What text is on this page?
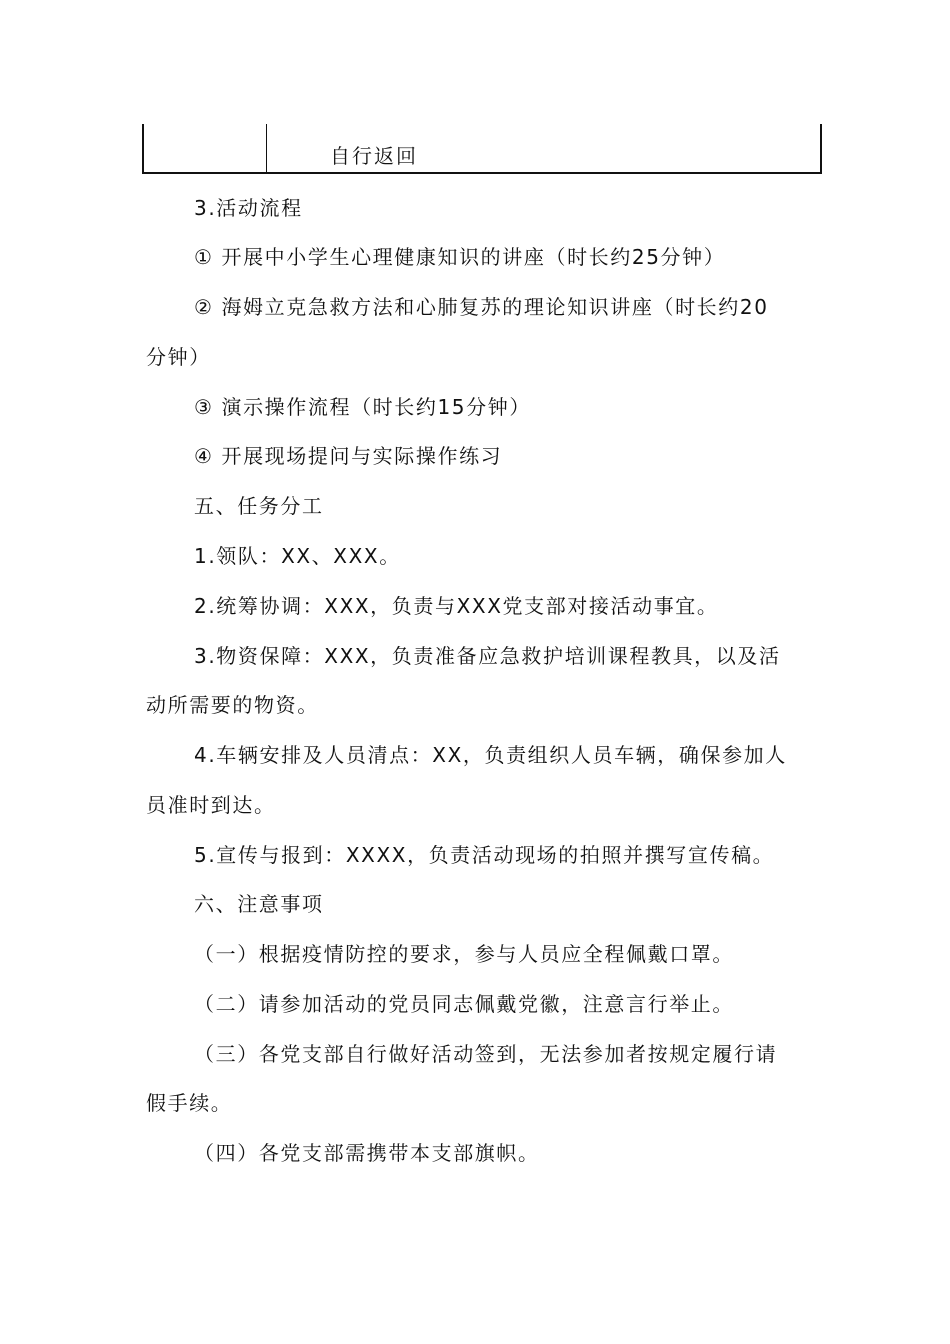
自行返回
3.活动流程
① 开展中小学生心理健康知识的讲座（时长约25分钟）
② 海姆立克急救方法和心肺复苏的理论知识讲座（时长约20
分钟）
③ 演示操作流程（时长约15分钟）
④ 开展现场提问与实际操作练习
五、任务分工
1.领队：XX、XXX。
2.统筹协调：XXX，负责与XXX党支部对接活动事宜。
3.物资保障：XXX，负责准备应急救护培训课程教具，以及活
动所需要的物资。
4.车辆安排及人员清点：XX，负责组织人员车辆，确保参加人
员准时到达。
5.宣传与报到：XXXX，负责活动现场的拍照并撰写宣传稿。
六、注意事项
（一）根据疫情防控的要求，参与人员应全程佩戴口罩。
（二）请参加活动的党员同志佩戴党徽，注意言行举止。
（三）各党支部自行做好活动签到，无法参加者按规定履行请
假手续。
（四）各党支部需携带本支部旗帜。
